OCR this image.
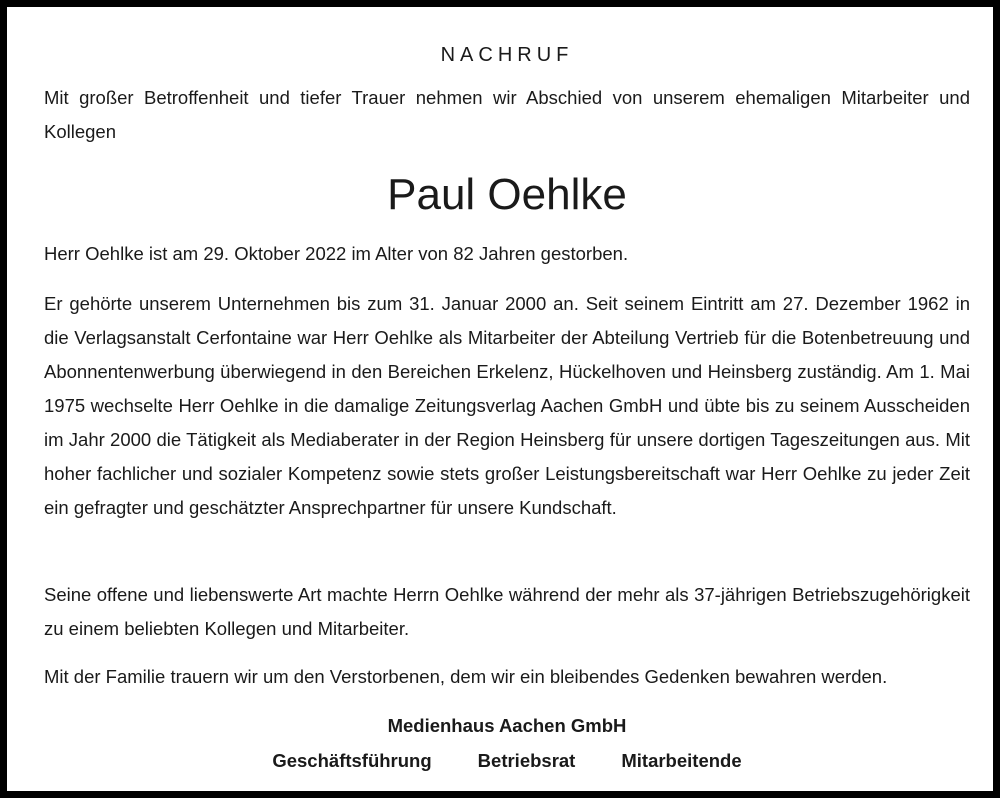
NACHRUF

Mit großer Betroffenheit und tiefer Trauer nehmen wir Abschied von unserem ehemaligen Mitarbeiter und Kollegen

Paul Oehlke

Herr Oehlke ist am 29. Oktober 2022 im Alter von 82 Jahren gestorben.

Er gehörte unserem Unternehmen bis zum 31. Januar 2000 an. Seit seinem Eintritt am 27. Dezember 1962 in die Verlagsanstalt Cerfontaine war Herr Oehlke als Mitarbeiter der Abteilung Vertrieb für die Botenbetreuung und Abonnentenwerbung überwiegend in den Bereichen Erkelenz, Hückelhoven und Heinsberg zuständig. Am 1. Mai 1975 wechselte Herr Oehlke in die damalige Zeitungsverlag Aachen GmbH und übte bis zu seinem Ausscheiden im Jahr 2000 die Tätigkeit als Mediaberater in der Region Heinsberg für unsere dortigen Tageszeitungen aus. Mit hoher fachlicher und sozialer Kompetenz sowie stets großer Leistungsbereitschaft war Herr Oehlke zu jeder Zeit ein gefragter und geschätzter Ansprechpartner für unsere Kundschaft.

Seine offene und liebenswerte Art machte Herrn Oehlke während der mehr als 37-jährigen Betriebszugehörigkeit zu einem beliebten Kollegen und Mitarbeiter.

Mit der Familie trauern wir um den Verstorbenen, dem wir ein bleibendes Gedenken bewahren werden.

Medienhaus Aachen GmbH
Geschäftsführung Betriebsrat Mitarbeitende
